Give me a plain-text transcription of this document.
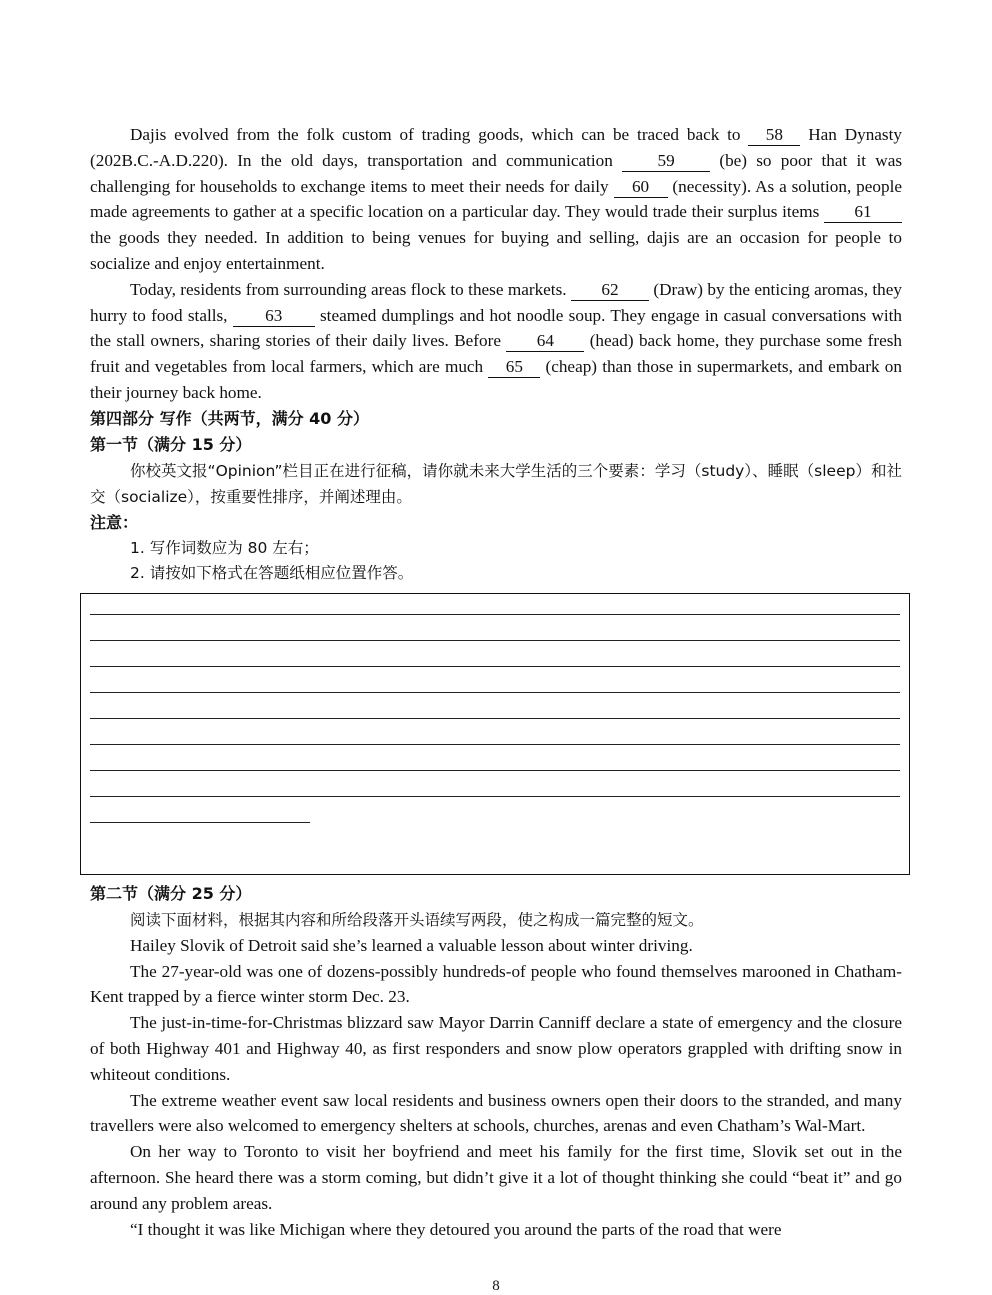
Dajis evolved from the folk custom of trading goods, which can be traced back to 58 Han Dynasty (202B.C.-A.D.220). In the old days, transportation and communication 59 (be) so poor that it was challenging for households to exchange items to meet their needs for daily 60 (necessity). As a solution, people made agreements to gather at a specific location on a particular day. They would trade their surplus items 61 the goods they needed. In addition to being venues for buying and selling, dajis are an occasion for people to socialize and enjoy entertainment.

Today, residents from surrounding areas flock to these markets. 62 (Draw) by the enticing aromas, they hurry to food stalls, 63 steamed dumplings and hot noodle soup. They engage in casual conversations with the stall owners, sharing stories of their daily lives. Before 64 (head) back home, they purchase some fresh fruit and vegetables from local farmers, which are much 65 (cheap) than those in supermarkets, and embark on their journey back home.

第四部分 写作（共两节，满分 40 分）
第一节（满分 15 分）

你校英文报“Opinion”栏目正在进行征稿，请你就未来大学生活的三个要素：学习（study）、睡眠（sleep）和社交（socialize），按重要性排序，并阐述理由。

注意：
1. 写作词数应为 80 左右；
2. 请按如下格式在答题纸相应位置作答。
第二节（满分 25 分）

阅读下面材料，根据其内容和所给段落开头语续写两段，使之构成一篇完整的短文。

Hailey Slovik of Detroit said she’s learned a valuable lesson about winter driving.

The 27-year-old was one of dozens-possibly hundreds-of people who found themselves marooned in Chatham-Kent trapped by a fierce winter storm Dec. 23.

The just-in-time-for-Christmas blizzard saw Mayor Darrin Canniff declare a state of emergency and the closure of both Highway 401 and Highway 40, as first responders and snow plow operators grappled with drifting snow in whiteout conditions.

The extreme weather event saw local residents and business owners open their doors to the stranded, and many travellers were also welcomed to emergency shelters at schools, churches, arenas and even Chatham’s Wal-Mart.

On her way to Toronto to visit her boyfriend and meet his family for the first time, Slovik set out in the afternoon. She heard there was a storm coming, but didn’t give it a lot of thought thinking she could “beat it” and go around any problem areas.

“I thought it was like Michigan where they detoured you around the parts of the road that were

8
